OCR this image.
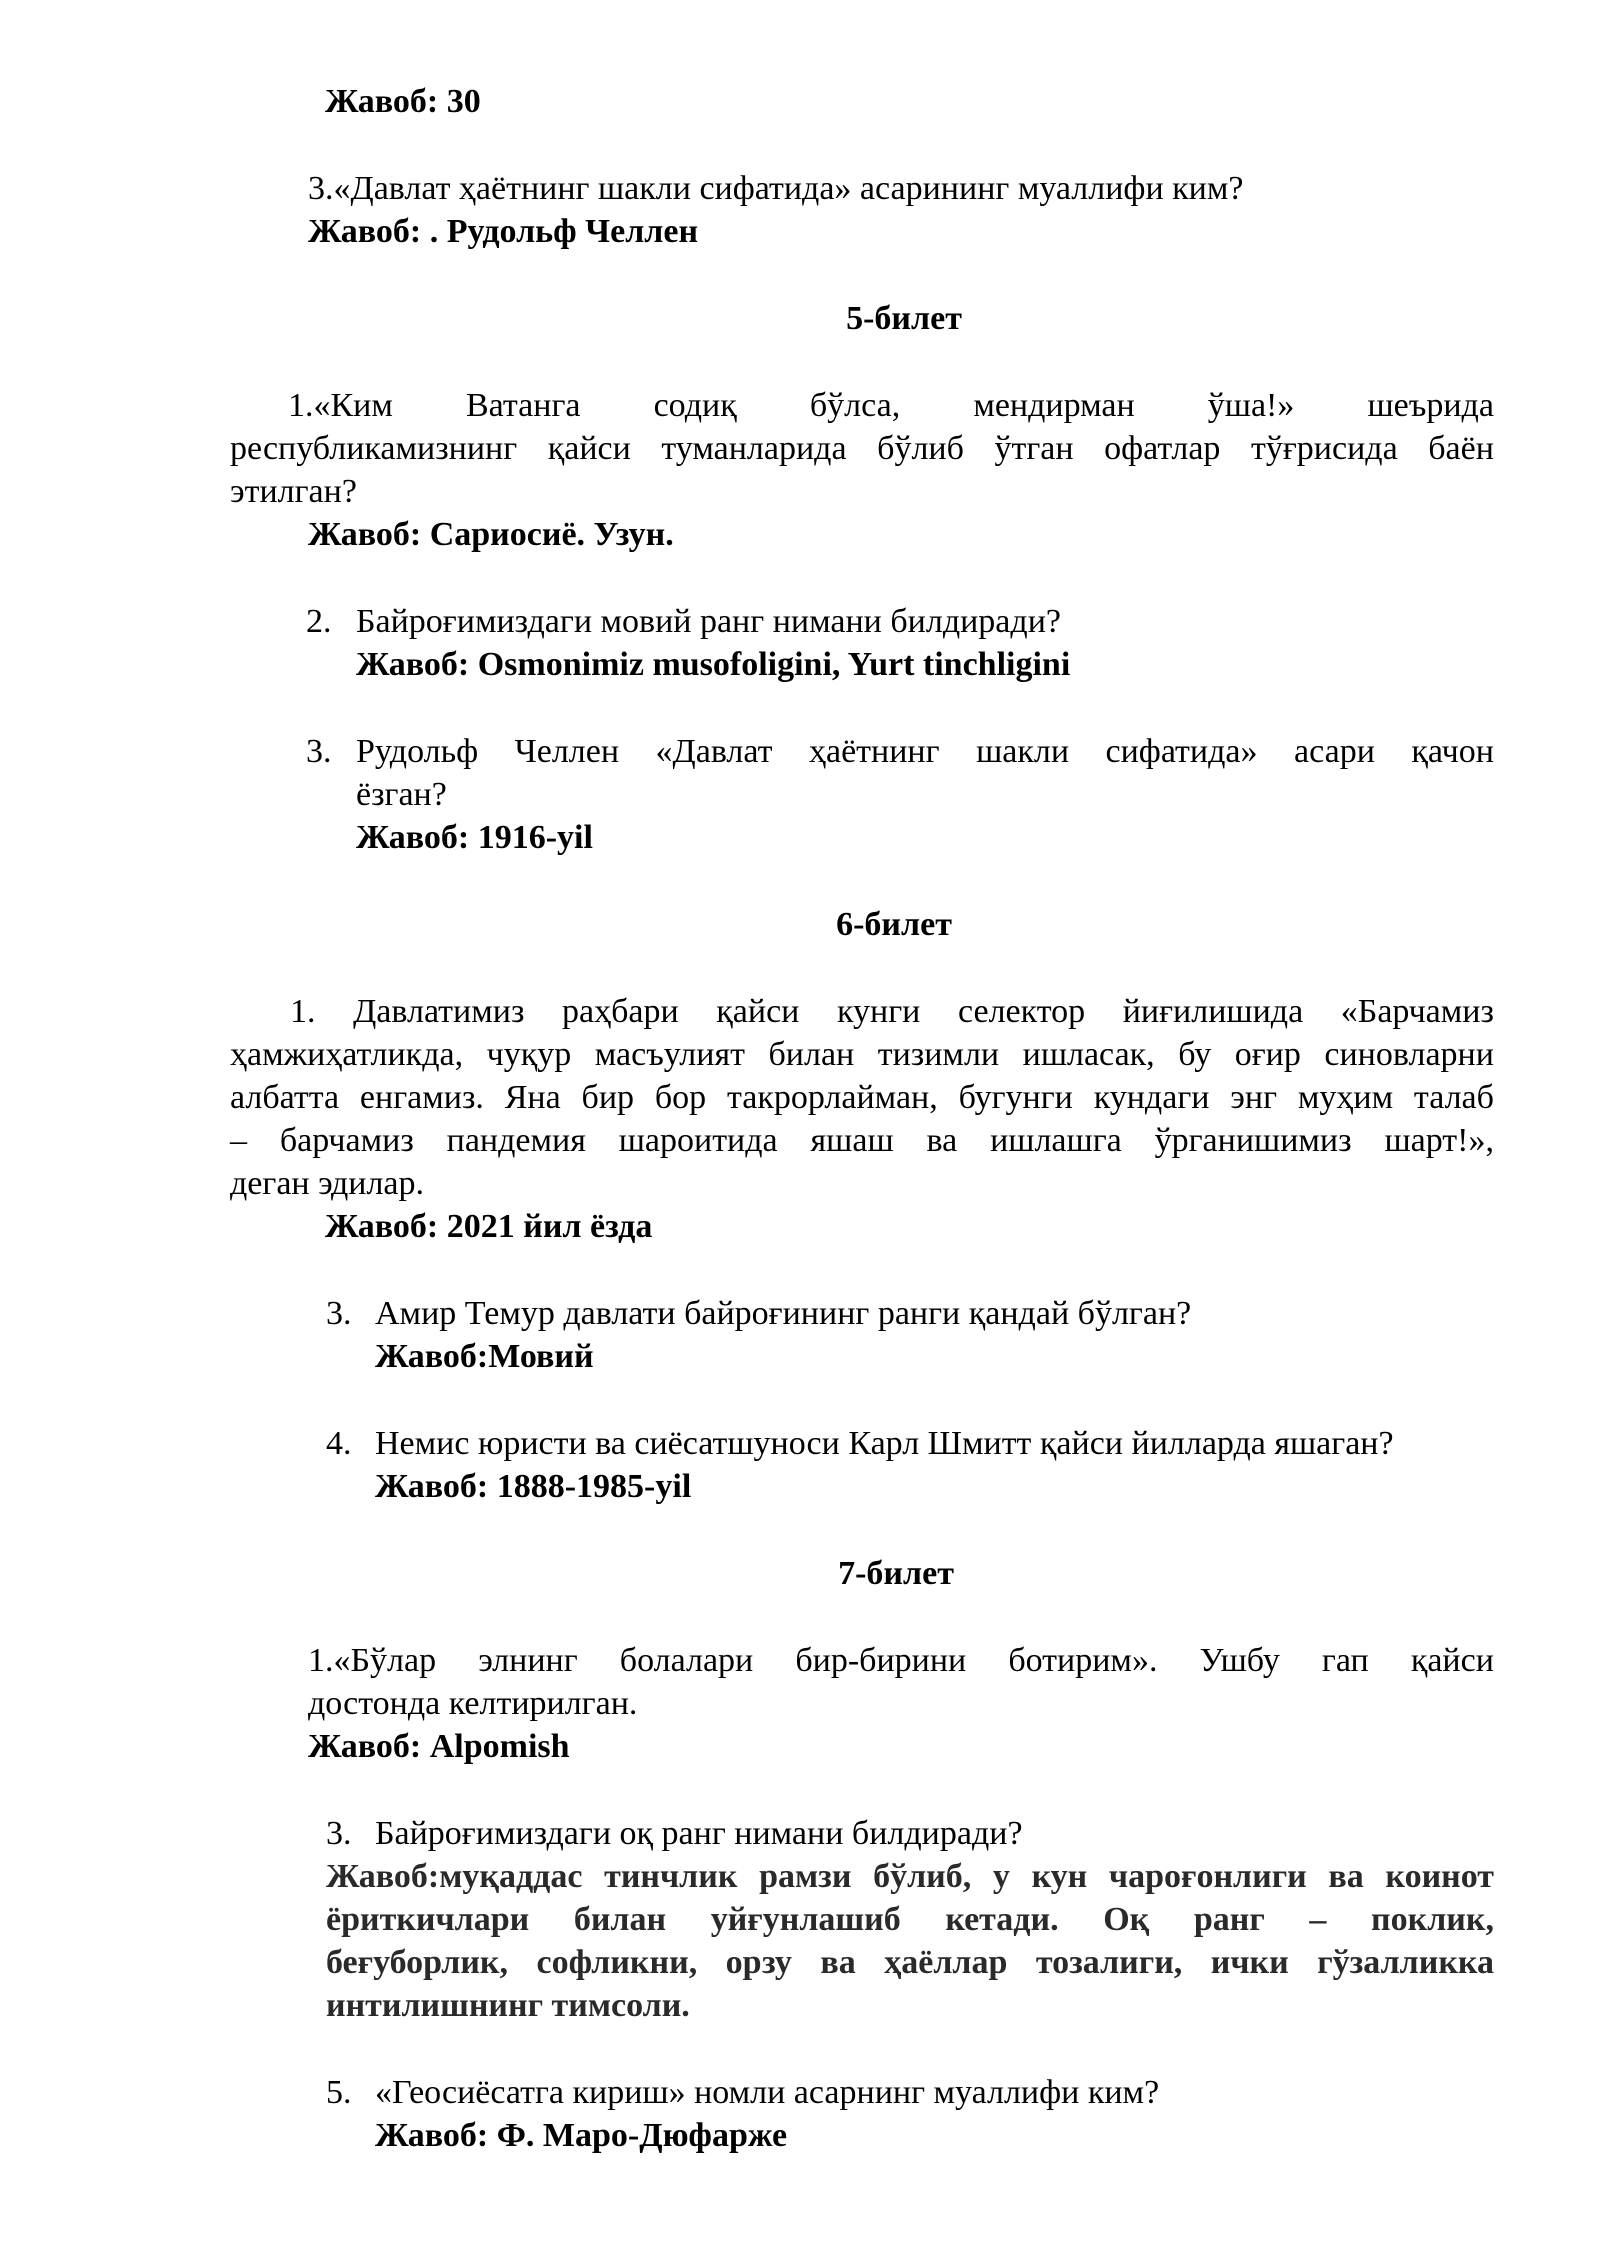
Жавоб: 30
3.«Давлат ҳаётнинг шакли сифатида» асарининг муаллифи ким?
Жавоб: . Рудольф Челлен
5-билет
1.«Ким Ватанга содиқ бўлса, мендирман ўша!» шеърида
республикамизнинг қайси туманларида бўлиб ўтган офатлар тўғрисида баён
этилган?
Жавоб: Сариосиё. Узун.
2. Байроғимиздаги мовий ранг нимани билдиради?
Жавоб: Osmonimiz musofoligini, Yurt tinchligini
3. Рудольф Челлен «Давлат ҳаётнинг шакли сифатида» асари қачон
ёзган?
Жавоб: 1916-yil
6-билет
1. Давлатимиз раҳбари қайси кунги селектор йиғилишида «Барчамиз
ҳамжиҳатликда, чуқур масъулият билан тизимли ишласак, бу оғир синовларни
албатта енгамиз. Яна бир бор такрорлайман, бугунги кундаги энг муҳим талаб
– барчамиз пандемия шароитида яшаш ва ишлашга ўрганишимиз шарт!»,
деган эдилар.
Жавоб: 2021 йил ёзда
3. Амир Темур давлати байроғининг ранги қандай бўлган?
Жавоб:Мовий
4. Немис юристи ва сиёсатшуноси Карл Шмитт қайси йилларда яшаган?
Жавоб: 1888-1985-yil
7-билет
1.«Бўлар элнинг болалари бир-бирини ботирим». Ушбу гап қайси
достонда келтирилган.
Жавоб: Alpomish
3. Байроғимиздаги оқ ранг нимани билдиради?
Жавоб:муқаддас тинчлик рамзи бўлиб, у кун чароғонлиги ва коинот
ёриткичлари билан уйғунлашиб кетади. Оқ ранг – поклик,
беғуборлик, софликни, орзу ва ҳаёллар тозалиги, ички гўзалликка
интилишнинг тимсоли.
5. «Геосиёсатга кириш» номли асарнинг муаллифи ким?
Жавоб: Ф. Маро-Дюфарже
